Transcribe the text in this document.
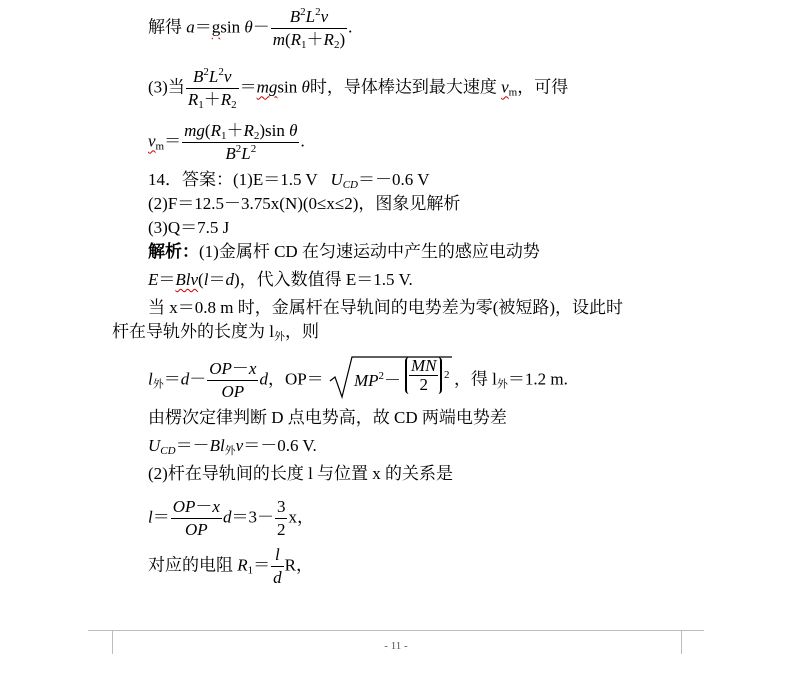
解得 a＝gsin $\theta- \frac{B^2L^2v}{m(R_1+R_2)}$ .
(3)当 $\frac{B^2L^2v}{R_1+R_2} =mgsin$ θ时，导体棒达到最大速度 $v_m$，可得
$v_m= \frac{mg(R_1+R_2)\sin \theta}{B^2L^2}$ .
14．答案：(1)E＝1.5 V $U_{CD}=-0.6$ V
(2)F＝12.5－3.75x(N)(0≤x≤2)，图象见解析
(3)Q＝7.5 J
解析：(1)金属杆 CD 在匀速运动中产生的感应电动势
E＝Blv(l＝d)，代入数值得 E＝1.5 V.
当 x＝0.8 m 时，金属杆在导轨间的电势差为零(被短路)，设此时
杆在导轨外的长度为 $l_外$，则
$l_外=d- \frac{OP-x}{OP}$ d，$OP= MP^2- \frac{MN}{2} 2$ ，得 $l_外=1.2$ m.
由楞次定律判断 D 点电势高，故 CD 两端电势差
$U_{CD}=-Bl_外v=-0.6$ V.
(2)杆在导轨间的长度 l 与位置 x 的关系是
$l= \frac{OP-x}{OP} d=3- \frac{3}{2}$ x，
对应的电阻 $R_1= \frac{l}{d}$ R，
- 11 -
